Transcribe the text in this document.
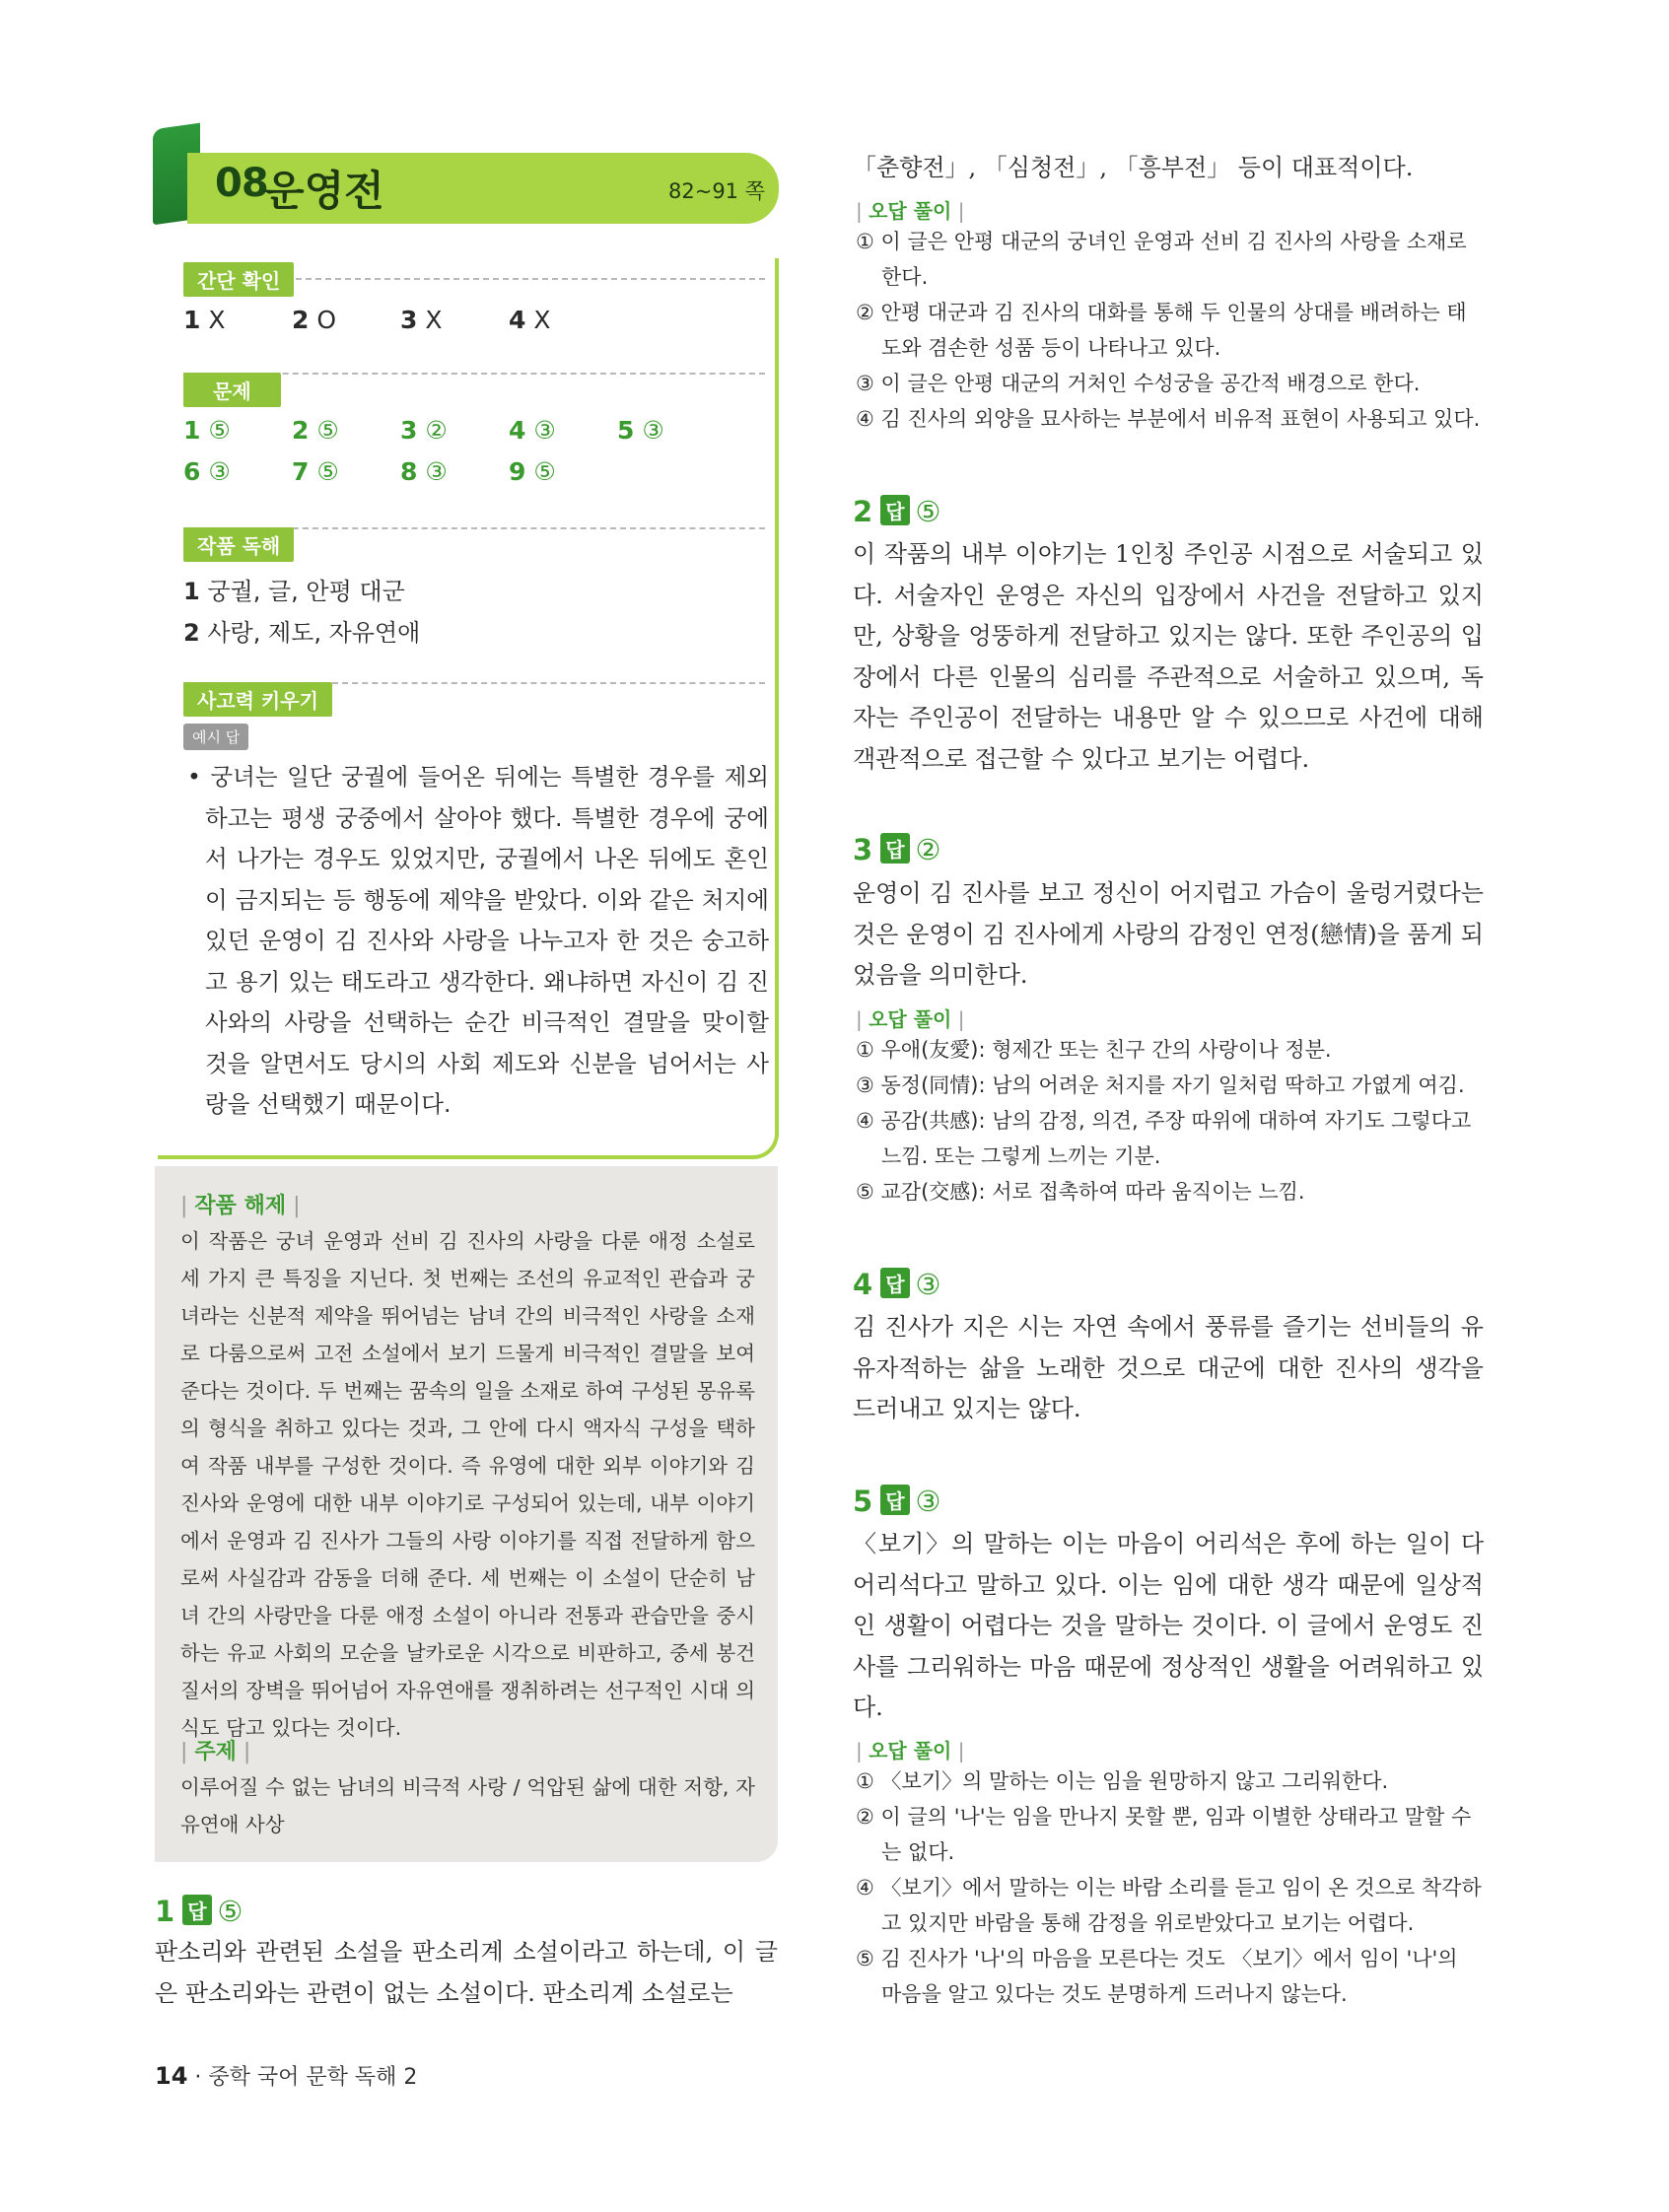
08
운영전	82~91 쪽
간단 확인
1 X	2 O	3 X	4 X
문제
1 ⑤ 2 ⑤ 3 ② 4 ③ 5 ③
6 ③ 7 ⑤ 8 ③ 9 ⑤
작품 독해
1 궁궐, 글, 안평 대군
2 사랑, 제도, 자유연애
사고력 키우기
예시 답
• 궁녀는 일단 궁궐에 들어온 뒤에는 특별한 경우를 제외하고는 평생 궁중에서 살아야 했다. 특별한 경우에 궁에서 나가는 경우도 있었지만, 궁궐에서 나온 뒤에도 혼인이 금지되는 등 행동에 제약을 받았다. 이와 같은 처지에 있던 운영이 김 진사와 사랑을 나누고자 한 것은 숭고하고 용기 있는 태도라고 생각한다. 왜냐하면 자신이 김 진사와의 사랑을 선택하는 순간 비극적인 결말을 맞이할 것을 알면서도 당시의 사회 제도와 신분을 넘어서는 사랑을 선택했기 때문이다.
| 작품 해제 |
이 작품은 궁녀 운영과 선비 김 진사의 사랑을 다룬 애정 소설로 세 가지 큰 특징을 지닌다. 첫 번째는 조선의 유교적인 관습과 궁녀라는 신분적 제약을 뛰어넘는 남녀 간의 비극적인 사랑을 소재로 다룸으로써 고전 소설에서 보기 드물게 비극적인 결말을 보여 준다는 것이다. 두 번째는 꿈속의 일을 소재로 하여 구성된 몽유록의 형식을 취하고 있다는 것과, 그 안에 다시 액자식 구성을 택하여 작품 내부를 구성한 것이다. 즉 유영에 대한 외부 이야기와 김 진사와 운영에 대한 내부 이야기로 구성되어 있는데, 내부 이야기에서 운영과 김 진사가 그들의 사랑 이야기를 직접 전달하게 함으로써 사실감과 감동을 더해 준다. 세 번째는 이 소설이 단순히 남녀 간의 사랑만을 다룬 애정 소설이 아니라 전통과 관습만을 중시하는 유교 사회의 모순을 날카로운 시각으로 비판하고, 중세 봉건 질서의 장벽을 뛰어넘어 자유연애를 쟁취하려는 선구적인 시대 의식도 담고 있다는 것이다.
| 주제 |
이루어질 수 없는 남녀의 비극적 사랑 / 억압된 삶에 대한 저항, 자유연애 사상
1 답 ⑤
판소리와 관련된 소설을 판소리계 소설이라고 하는데, 이 글은 판소리와는 관련이 없는 소설이다. 판소리계 소설로는
「춘향전」, 「심청전」, 「흥부전」 등이 대표적이다.
| 오답 풀이 |
① 이 글은 안평 대군의 궁녀인 운영과 선비 김 진사의 사랑을 소재로 한다.
② 안평 대군과 김 진사의 대화를 통해 두 인물의 상대를 배려하는 태도와 겸손한 성품 등이 나타나고 있다.
③ 이 글은 안평 대군의 거처인 수성궁을 공간적 배경으로 한다.
④ 김 진사의 외양을 묘사하는 부분에서 비유적 표현이 사용되고 있다.
2 답 ⑤
이 작품의 내부 이야기는 1인칭 주인공 시점으로 서술되고 있다. 서술자인 운영은 자신의 입장에서 사건을 전달하고 있지만, 상황을 엉뚱하게 전달하고 있지는 않다. 또한 주인공의 입장에서 다른 인물의 심리를 주관적으로 서술하고 있으며, 독자는 주인공이 전달하는 내용만 알 수 있으므로 사건에 대해 객관적으로 접근할 수 있다고 보기는 어렵다.
3 답 ②
운영이 김 진사를 보고 정신이 어지럽고 가슴이 울렁거렸다는 것은 운영이 김 진사에게 사랑의 감정인 연정(戀情)을 품게 되었음을 의미한다.
| 오답 풀이 |
① 우애(友愛): 형제간 또는 친구 간의 사랑이나 정분.
③ 동정(同情): 남의 어려운 처지를 자기 일처럼 딱하고 가엾게 여김.
④ 공감(共感): 남의 감정, 의견, 주장 따위에 대하여 자기도 그렇다고 느낌. 또는 그렇게 느끼는 기분.
⑤ 교감(交感): 서로 접촉하여 따라 움직이는 느낌.
4 답 ③
김 진사가 지은 시는 자연 속에서 풍류를 즐기는 선비들의 유유자적하는 삶을 노래한 것으로 대군에 대한 진사의 생각을 드러내고 있지는 않다.
5 답 ③
〈보기〉의 말하는 이는 마음이 어리석은 후에 하는 일이 다 어리석다고 말하고 있다. 이는 임에 대한 생각 때문에 일상적인 생활이 어렵다는 것을 말하는 것이다. 이 글에서 운영도 진사를 그리워하는 마음 때문에 정상적인 생활을 어려워하고 있다.
| 오답 풀이 |
① 〈보기〉의 말하는 이는 임을 원망하지 않고 그리워한다.
② 이 글의 '나'는 임을 만나지 못할 뿐, 임과 이별한 상태라고 말할 수는 없다.
④ 〈보기〉에서 말하는 이는 바람 소리를 듣고 임이 온 것으로 착각하고 있지만 바람을 통해 감정을 위로받았다고 보기는 어렵다.
⑤ 김 진사가 '나'의 마음을 모른다는 것도 〈보기〉에서 임이 '나'의 마음을 알고 있다는 것도 분명하게 드러나지 않는다.
14 · 중학 국어 문학 독해 2
